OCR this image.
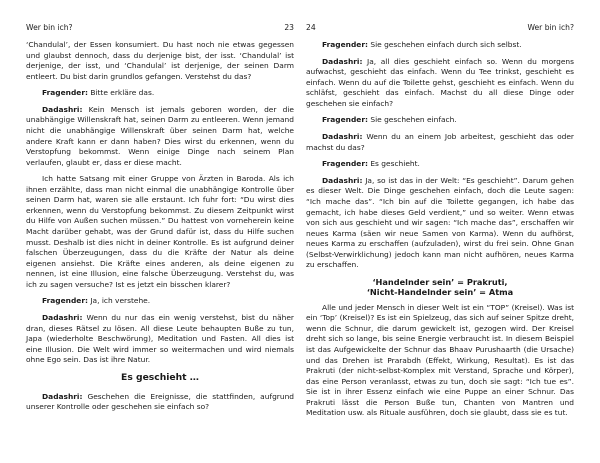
Wer bin ich?	23

‘Chandulal’, der Essen konsumiert. Du hast noch nie etwas gegessen und glaubst dennoch, dass du derjenige bist, der isst. ‘Chandulal’ ist derjenige, der isst, und ‘Chandulal’ ist derjenige, der seinen Darm entleert. Du bist darin grundlos gefangen. Verstehst du das?

Fragender: Bitte erkläre das.

Dadashri: Kein Mensch ist jemals geboren worden, der die unabhängige Willenskraft hat, seinen Darm zu entleeren. Wenn jemand nicht die unabhängige Willenskraft über seinen Darm hat, welche andere Kraft kann er dann haben? Dies wirst du erkennen, wenn du Verstopfung bekommst. Wenn einige Dinge nach seinem Plan verlaufen, glaubt er, dass er diese macht.

Ich hatte Satsang mit einer Gruppe von Ärzten in Baroda. Als ich ihnen erzählte, dass man nicht einmal die unabhängige Kontrolle über seinen Darm hat, waren sie alle erstaunt. Ich fuhr fort: “Du wirst dies erkennen, wenn du Verstopfung bekommst. Zu diesem Zeitpunkt wirst du Hilfe von Außen suchen müssen.” Du hattest von vorneherein keine Macht darüber gehabt, was der Grund dafür ist, dass du Hilfe suchen musst. Deshalb ist dies nicht in deiner Kontrolle. Es ist aufgrund deiner falschen Überzeugungen, dass du die Kräfte der Natur als deine eigenen ansiehst. Die Kräfte eines anderen, als deine eigenen zu nennen, ist eine Illusion, eine falsche Überzeugung. Verstehst du, was ich zu sagen versuche? Ist es jetzt ein bisschen klarer?

Fragender: Ja, ich verstehe.

Dadashri: Wenn du nur das ein wenig verstehst, bist du näher dran, dieses Rätsel zu lösen. All diese Leute behaupten Buße zu tun, Japa (wiederholte Beschwörung), Meditation und Fasten. All dies ist eine Illusion. Die Welt wird immer so weitermachen und wird niemals ohne Ego sein. Das ist ihre Natur.

Es geschieht …

Dadashri: Geschehen die Ereignisse, die stattfinden, aufgrund unserer Kontrolle oder geschehen sie einfach so?

24	Wer bin ich?

Fragender: Sie geschehen einfach durch sich selbst.

Dadashri: Ja, all dies geschieht einfach so. Wenn du morgens aufwachst, geschieht das einfach. Wenn du Tee trinkst, geschieht es einfach. Wenn du auf die Toilette gehst, geschieht es einfach. Wenn du schläfst, geschieht das einfach. Machst du all diese Dinge oder geschehen sie einfach?

Fragender: Sie geschehen einfach.

Dadashri: Wenn du an einem Job arbeitest, geschieht das oder machst du das?

Fragender: Es geschieht.

Dadashri: Ja, so ist das in der Welt: “Es geschieht”. Darum gehen es dieser Welt. Die Dinge geschehen einfach, doch die Leute sagen: “Ich mache das”. “Ich bin auf die Toilette gegangen, ich habe das gemacht, ich habe dieses Geld verdient,” und so weiter. Wenn etwas von sich aus geschieht und wir sagen: “Ich mache das”, erschaffen wir neues Karma (säen wir neue Samen von Karma). Wenn du aufhörst, neues Karma zu erschaffen (aufzuladen), wirst du frei sein. Ohne Gnan (Selbst-Verwirklichung) jedoch kann man nicht aufhören, neues Karma zu erschaffen.

‘Handelnder sein’ = Prakruti,
‘Nicht-Handelnder sein’ = Atma

Alle und jeder Mensch in dieser Welt ist ein “TOP” (Kreisel). Was ist ein ‘Top’ (Kreisel)? Es ist ein Spielzeug, das sich auf seiner Spitze dreht, wenn die Schnur, die darum gewickelt ist, gezogen wird. Der Kreisel dreht sich so lange, bis seine Energie verbraucht ist. In diesem Beispiel ist das Aufgewickelte der Schnur das Bhaav Purushaarth (die Ursache) und das Drehen ist Prarabdh (Effekt, Wirkung, Resultat). Es ist das Prakruti (der nicht-selbst-Komplex mit Verstand, Sprache und Körper), das eine Person veranlasst, etwas zu tun, doch sie sagt: “Ich tue es”. Sie ist in ihrer Essenz einfach wie eine Puppe an einer Schnur. Das Prakruti lässt die Person Buße tun, Chanten von Mantren und Meditation usw. als Rituale ausführen, doch sie glaubt, dass sie es tut.
